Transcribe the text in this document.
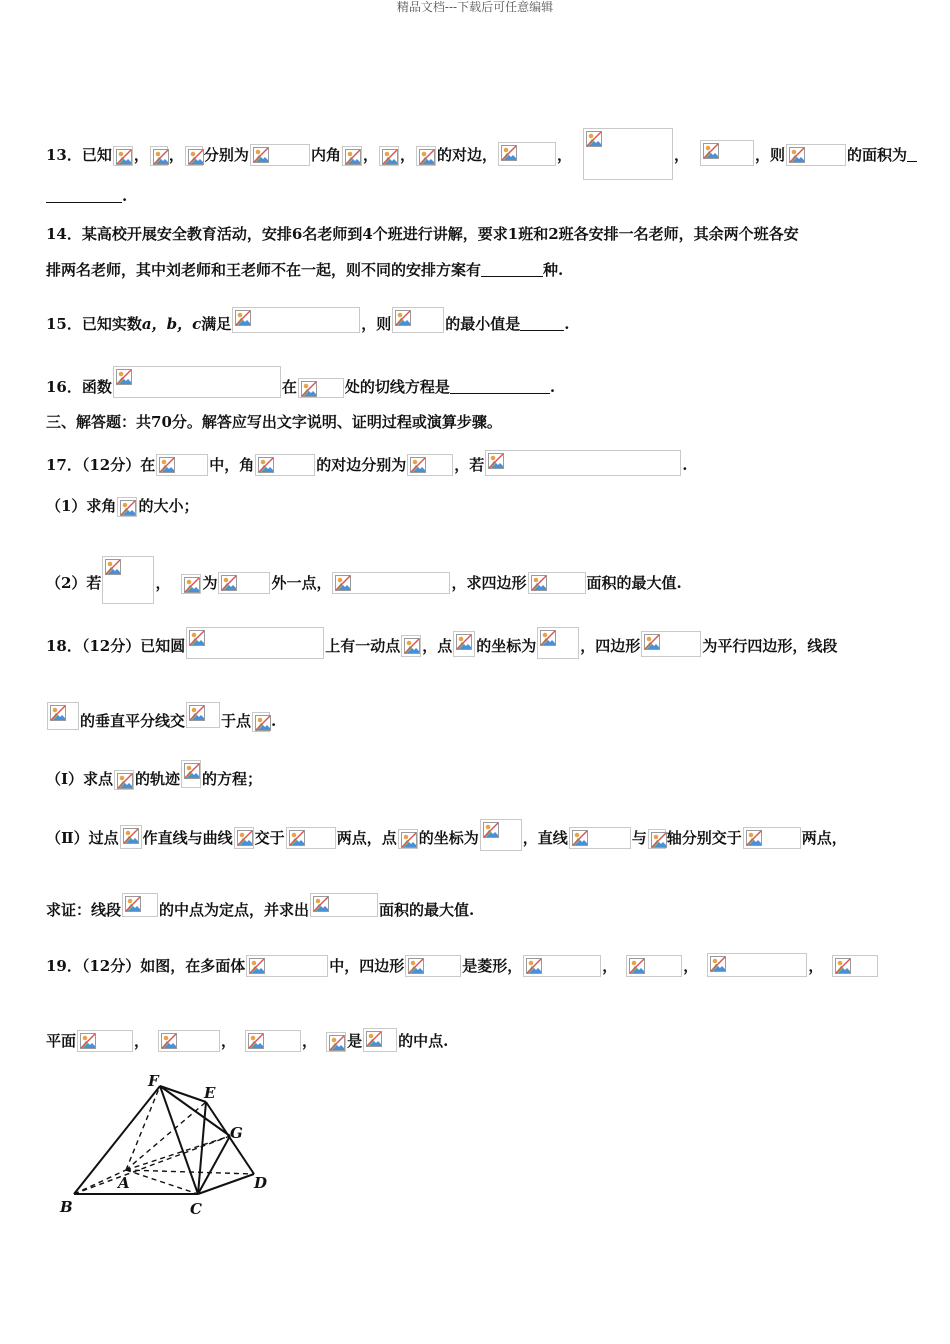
精品文档---下载后可任意编辑
13．已知 ， ， 分别为	内角 ， ， 的对边，	，	，	，则	的面积为
.
14．某高校开展安全教育活动，安排6名老师到4个班进行讲解，要求1班和2班各安排一名老师，其余两个班各安
排两名老师，其中刘老师和王老师不在一起，则不同的安排方案有	种.
15．已知实数a，b，c满足	，则	的最小值是	.
16．函数	在	处的切线方程是	.
三、解答题：共70分。解答应写出文字说明、证明过程或演算步骤。
17．（12分）在	中，角	的对边分别为	，若	.
（1）求角 的大小；
（2）若	， 为	外一点，	，求四边形	面积的最大值.
18．（12分）已知圆	上有一动点 ，点 的坐标为	，四边形	为平行四边形，线段
的垂直平分线交 于点 .
（Ⅰ）求点 的轨迹 的方程；
（Ⅱ）过点 作直线与曲线 交于	两点，点 的坐标为	，直线	与 轴分别交于	两点，
求证：线段	的中点为定点，并求出	面积的最大值.
19．（12分）如图，在多面体	中，四边形	是菱形，	，	，	，
平面	，	，	， 是 的中点.
F
E
G
A	D
B	C
